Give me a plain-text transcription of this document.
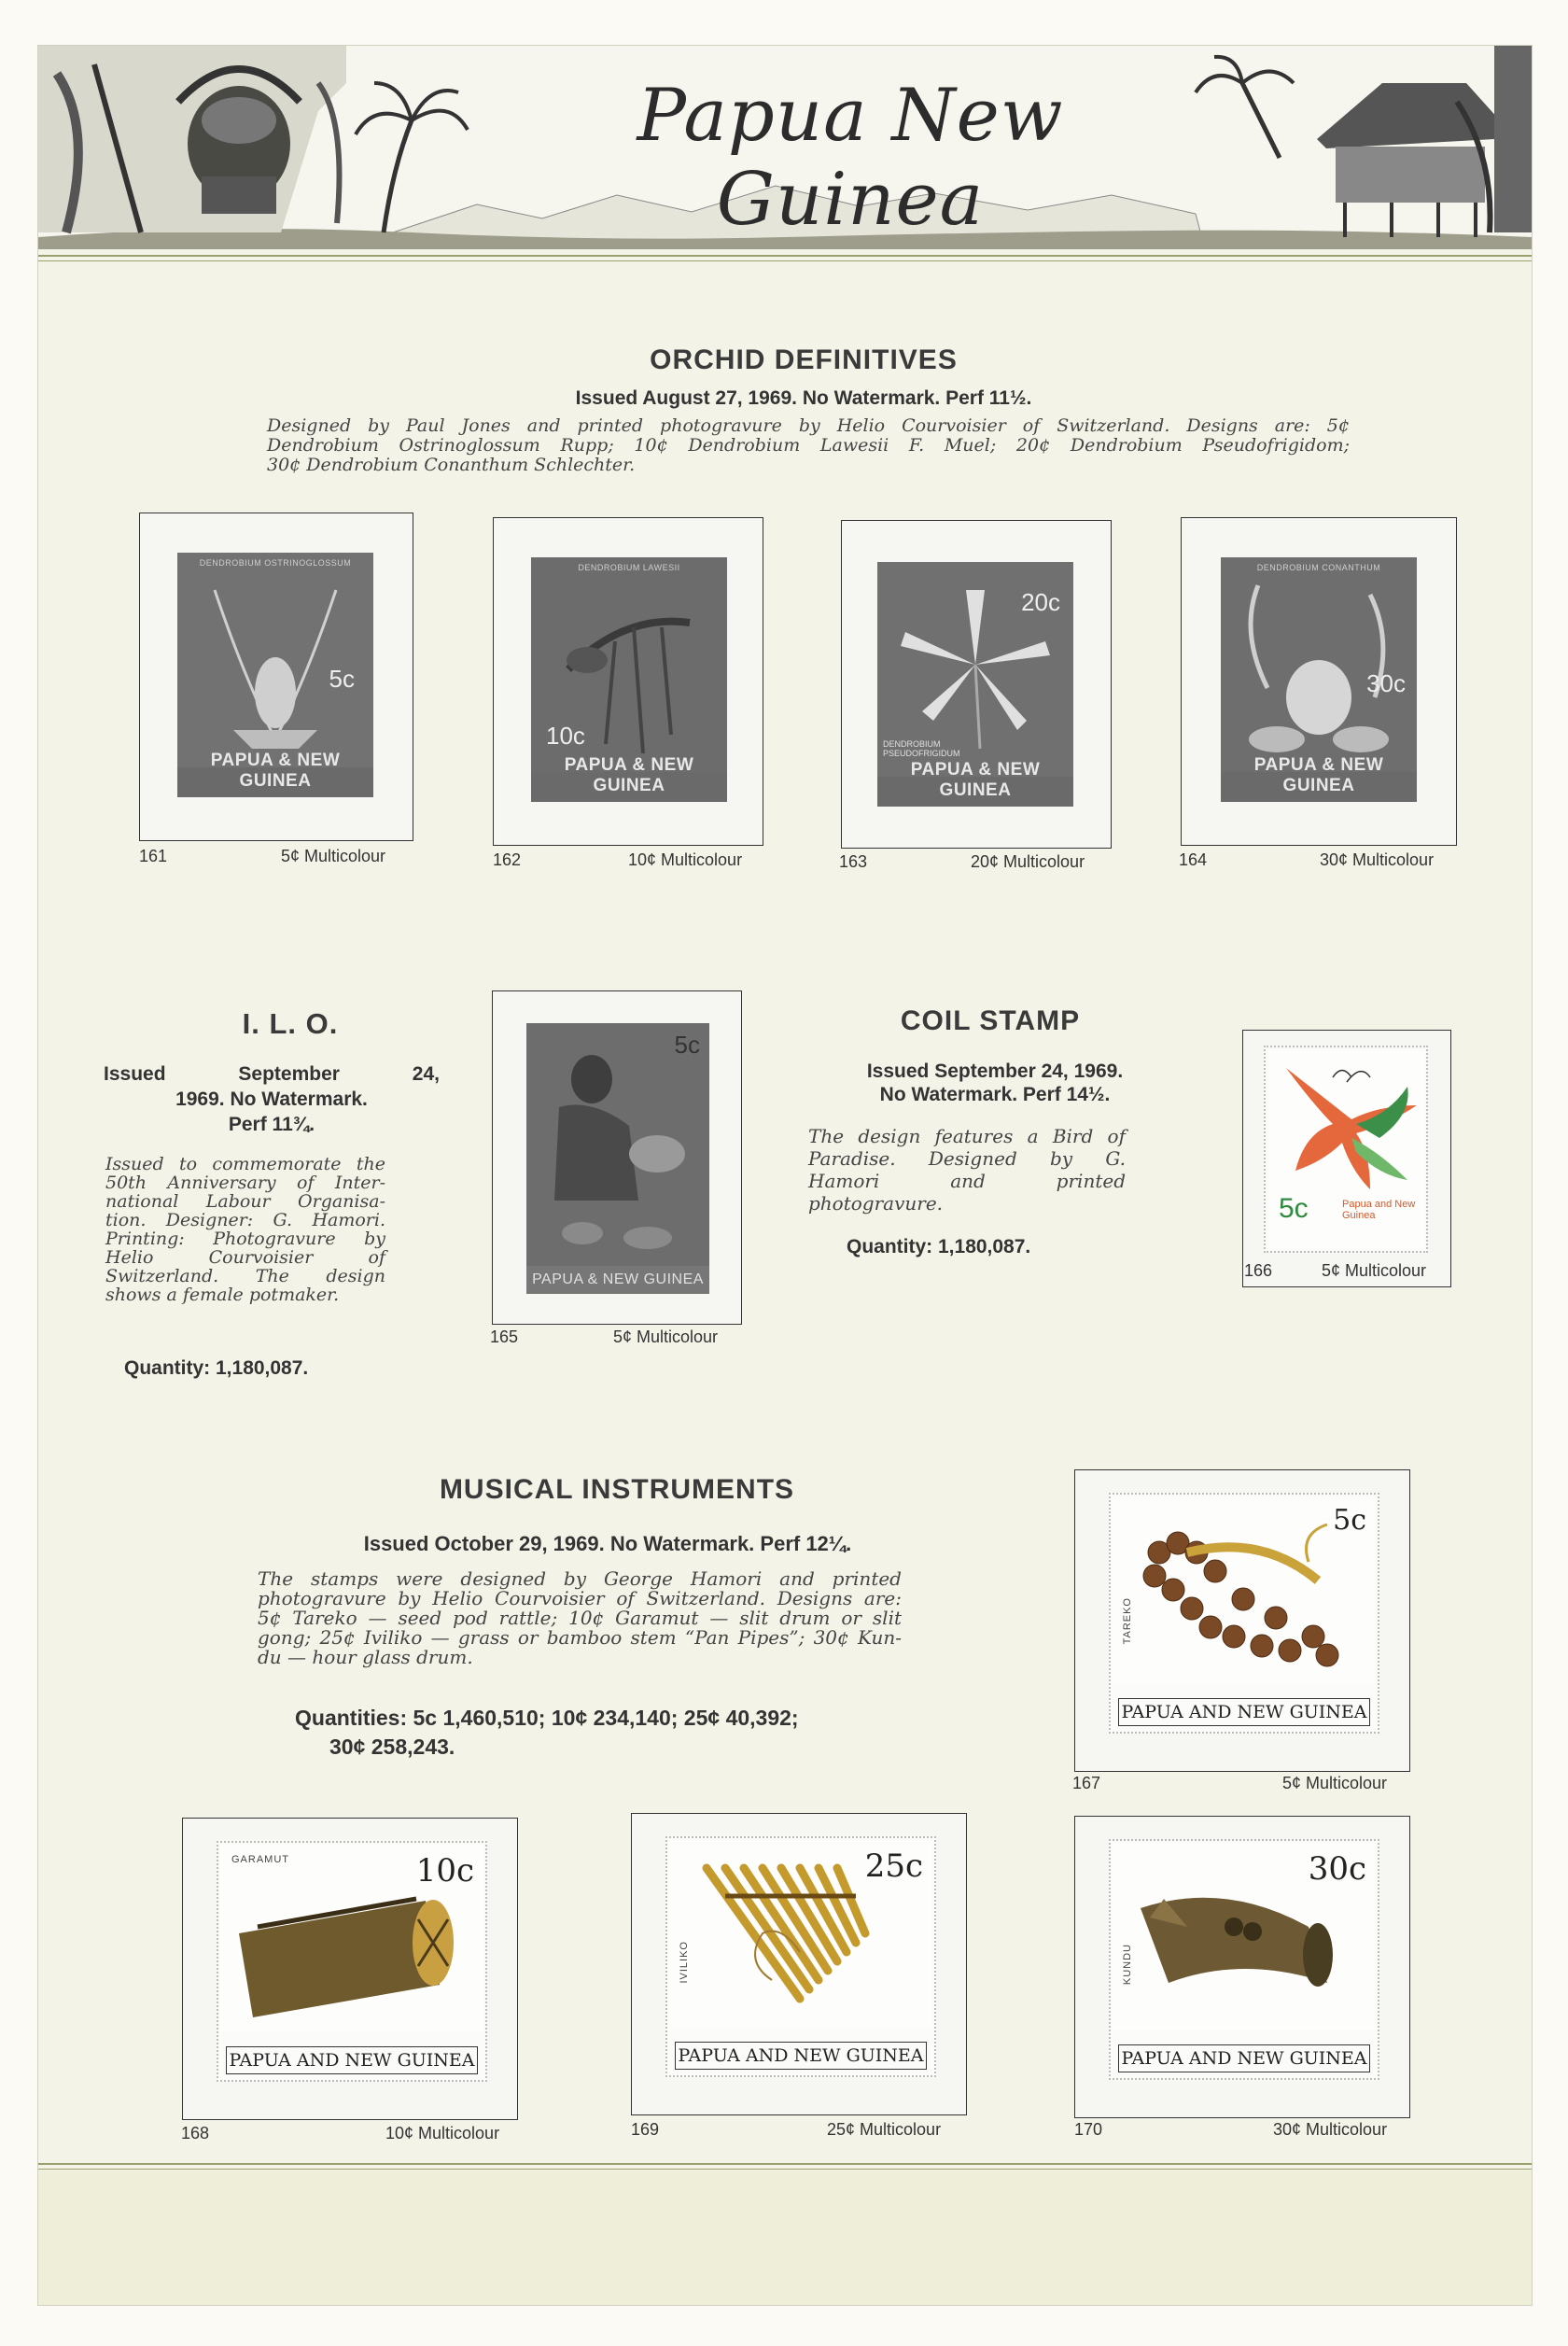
Papua New Guinea
ORCHID DEFINITIVES
Issued August 27, 1969. No Watermark. Perf 11½.
Designed by Paul Jones and printed photogravure by Helio Courvoisier of Switzerland. Designs are: 5¢
Dendrobium Ostrinoglossum Rupp; 10¢ Dendrobium Lawesii F. Muel; 20¢ Dendrobium Pseudofrigidom;
30¢ Dendrobium Conanthum Schlechter.
DENDROBIUM OSTRINOGLOSSUM
5c
PAPUA & NEW GUINEA
161	5¢ Multicolour
DENDROBIUM LAWESII
10c
PAPUA & NEW GUINEA
162	10¢ Multicolour
20c
DENDROBIUM PSEUDOFRIGIDUM
PAPUA & NEW GUINEA
163	20¢ Multicolour
DENDROBIUM CONANTHUM
30c
PAPUA & NEW GUINEA
164	30¢ Multicolour
I. L. O.
Issued September 24,
1969. No Watermark.
Perf 11¾.
Issued to commemorate the
50th Anniversary of Inter-
national Labour Organisa-
tion. Designer: G. Hamori.
Printing: Photogravure by
Helio Courvoisier of
Switzerland. The design
shows a female potmaker.
Quantity: 1,180,087.
5c
PAPUA & NEW GUINEA
165	5¢ Multicolour
COIL STAMP
Issued September 24, 1969.
No Watermark. Perf 14½.
The design features a Bird of
Paradise. Designed by G.
Hamori and printed
photogravure.
Quantity: 1,180,087.
5c	Papua and New Guinea
166	5¢ Multicolour
MUSICAL INSTRUMENTS
Issued October 29, 1969. No Watermark. Perf 12¼.
The stamps were designed by George Hamori and printed
photogravure by Helio Courvoisier of Switzerland. Designs are:
5¢ Tareko — seed pod rattle; 10¢ Garamut — slit drum or slit
gong; 25¢ Iviliko — grass or bamboo stem “Pan Pipes”; 30¢ Kun-
du — hour glass drum.
Quantities: 5c 1,460,510; 10¢ 234,140; 25¢ 40,392;
30¢ 258,243.
5c
TAREKO
PAPUA AND NEW GUINEA
167	5¢ Multicolour
10c
GARAMUT
PAPUA AND NEW GUINEA
168	10¢ Multicolour
25c
IVILIKO
PAPUA AND NEW GUINEA
169	25¢ Multicolour
30c
KUNDU
PAPUA AND NEW GUINEA
170	30¢ Multicolour
